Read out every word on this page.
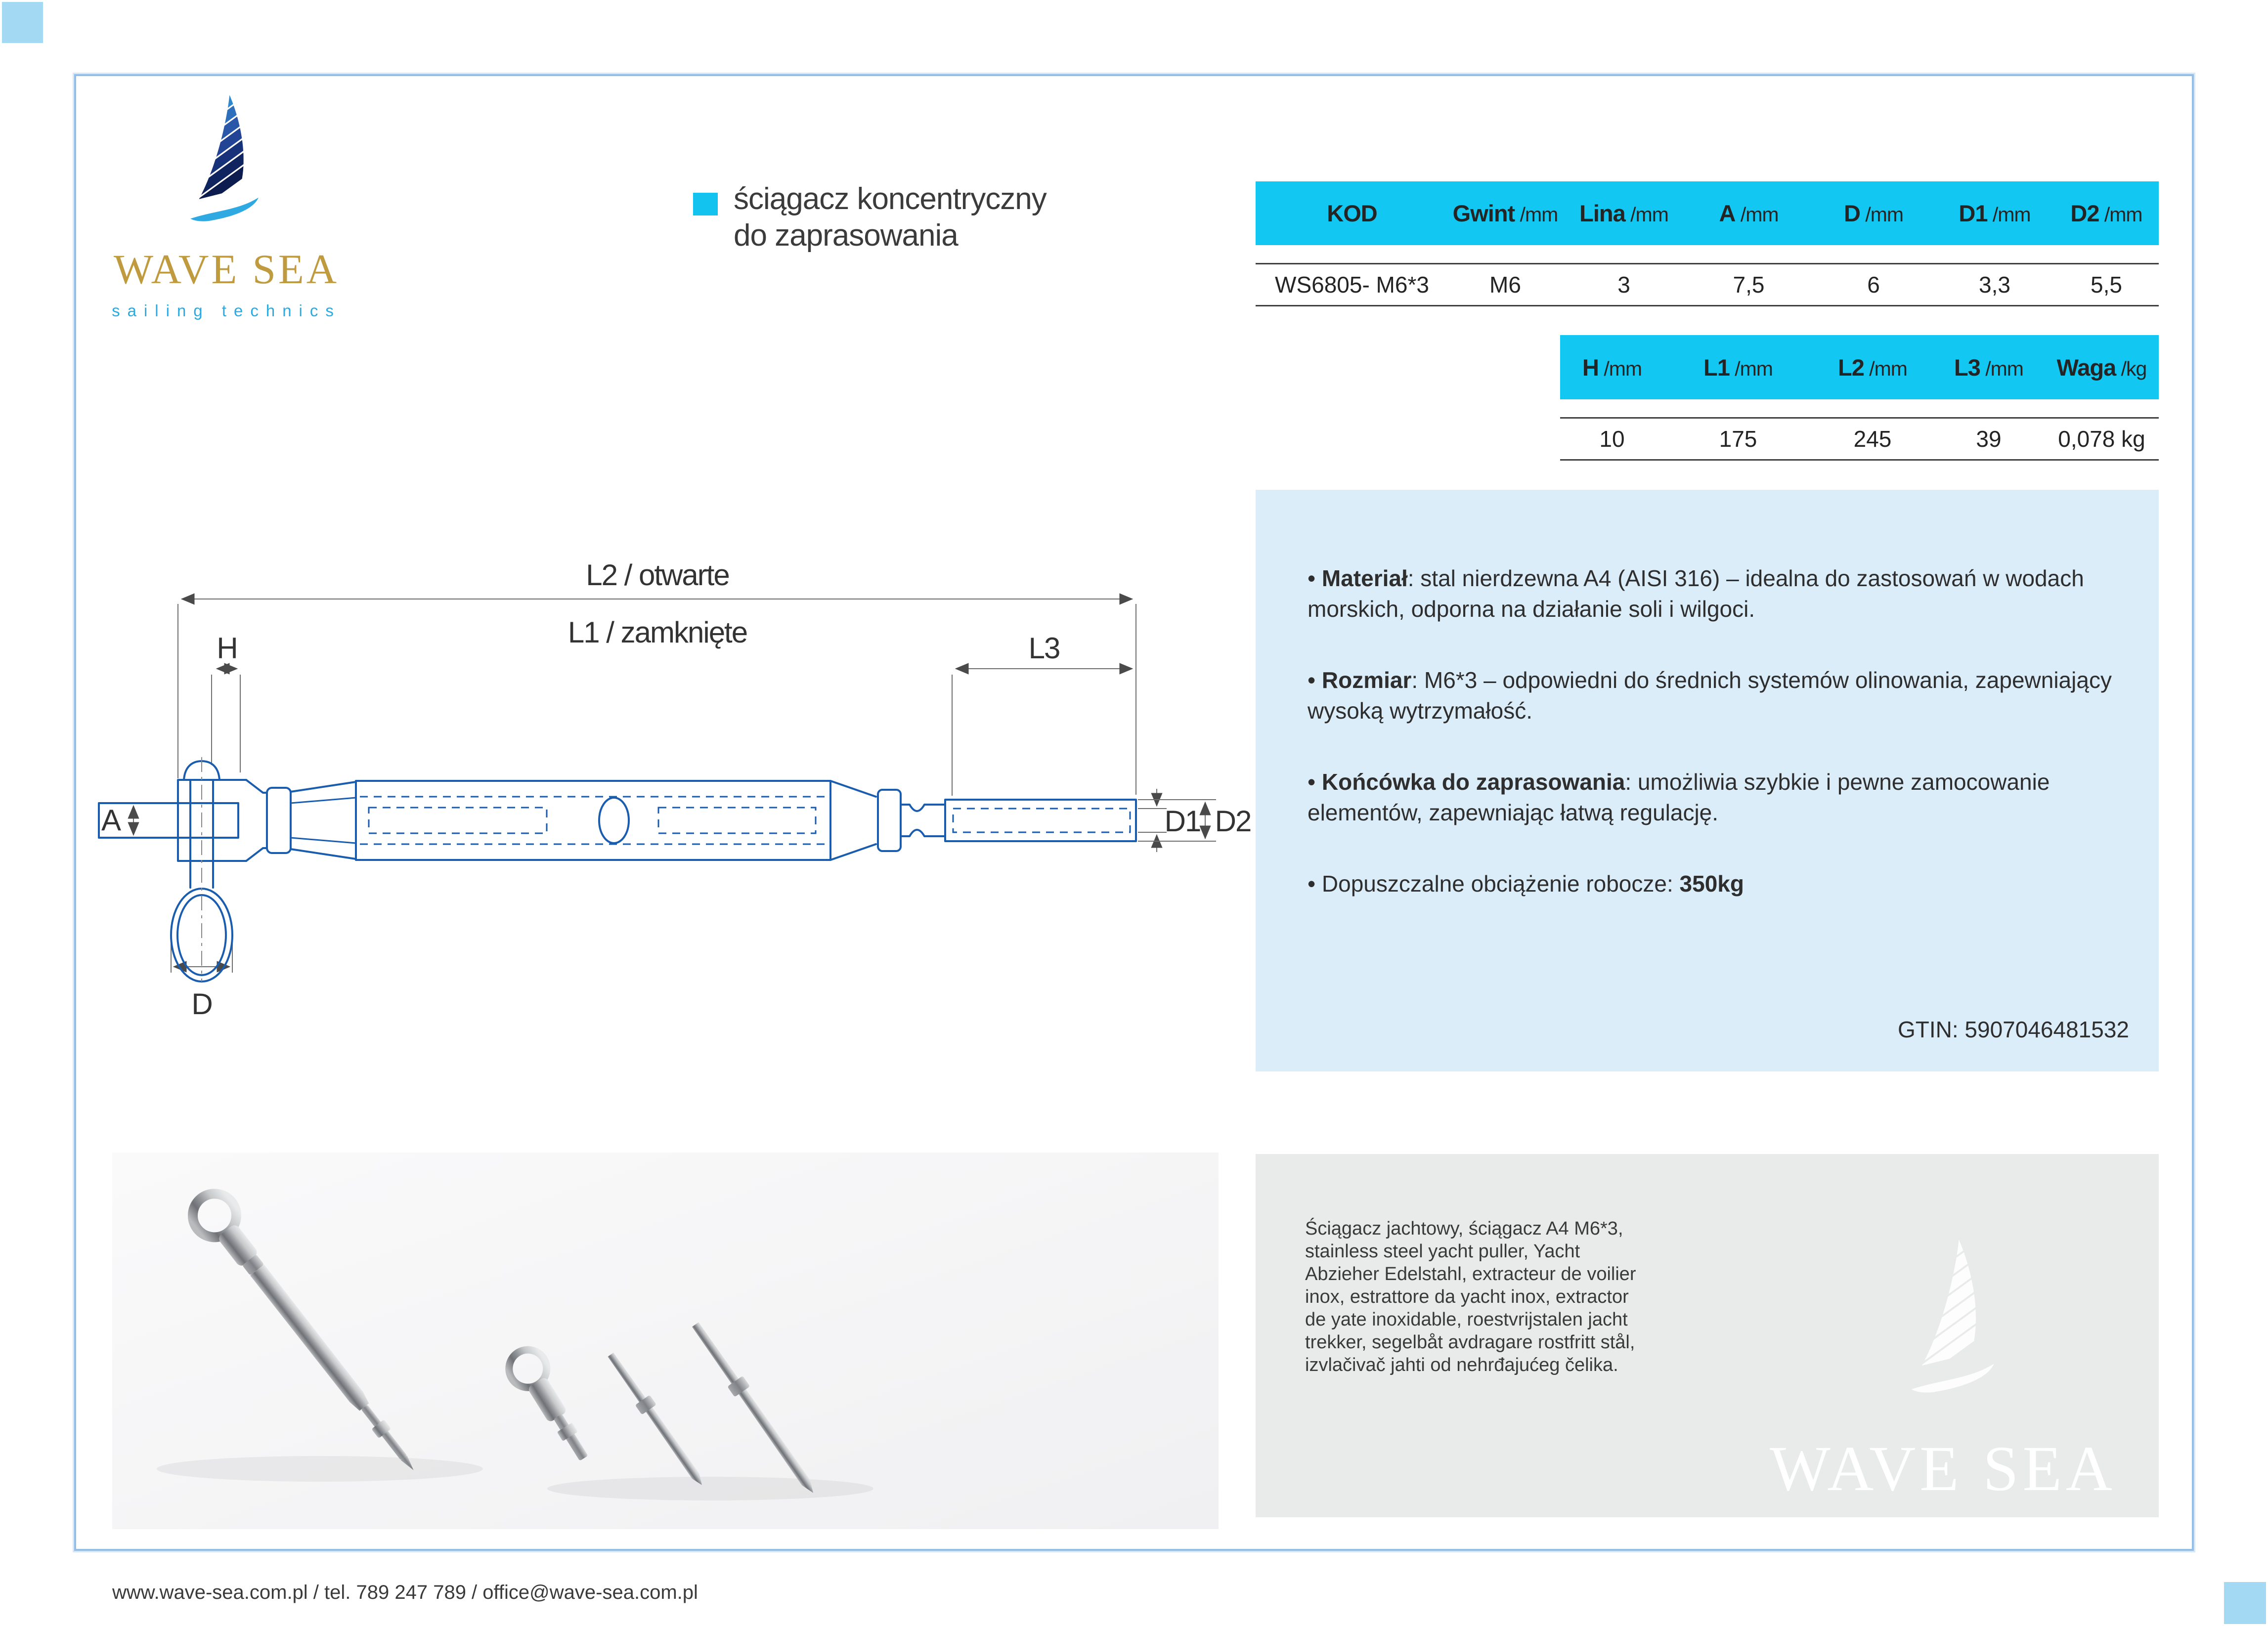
WAVE SEA
sailing technics
ściągacz koncentryczny
do zaprasowania
KOD	Gwint /mm Lina /mm	A /mm	D /mm	D1 /mm	D2 /mm
WS6805- M6*3	M6	3	7,5	6	3,3	5,5
H /mm	L1 /mm	L2 /mm	L3 /mm	Waga /kg
10	175	245	39	0,078 kg

• Materiał: stal nierdzewna A4 (AISI 316) – idealna do zastosowań w wodach morskich, odporna na działanie soli i wilgoci.

• Rozmiar: M6*3 – odpowiedni do średnich systemów olinowania, zapewniający wysoką wytrzymałość.

• Końcówka do zaprasowania: umożliwia szybkie i pewne zamocowanie elementów, zapewniając łatwą regulację.

• Dopuszczalne obciążenie robocze: 350kg

GTIN: 5907046481532
L2 / otwarte
L1 / zamknięte
H	L3
A
D
D1 D2
Ściągacz jachtowy, ściągacz A4 M6*3,
stainless steel yacht puller, Yacht
Abzieher Edelstahl, extracteur de voilier
inox, estrattore da yacht inox, extractor
de yate inoxidable, roestvrijstalen jacht
trekker, segelbåt avdragare rostfritt stål,
izvlačivač jahti od nehrđajućeg čelika.
WAVE SEA
www.wave-sea.com.pl / tel. 789 247 789 / office@wave-sea.com.pl
